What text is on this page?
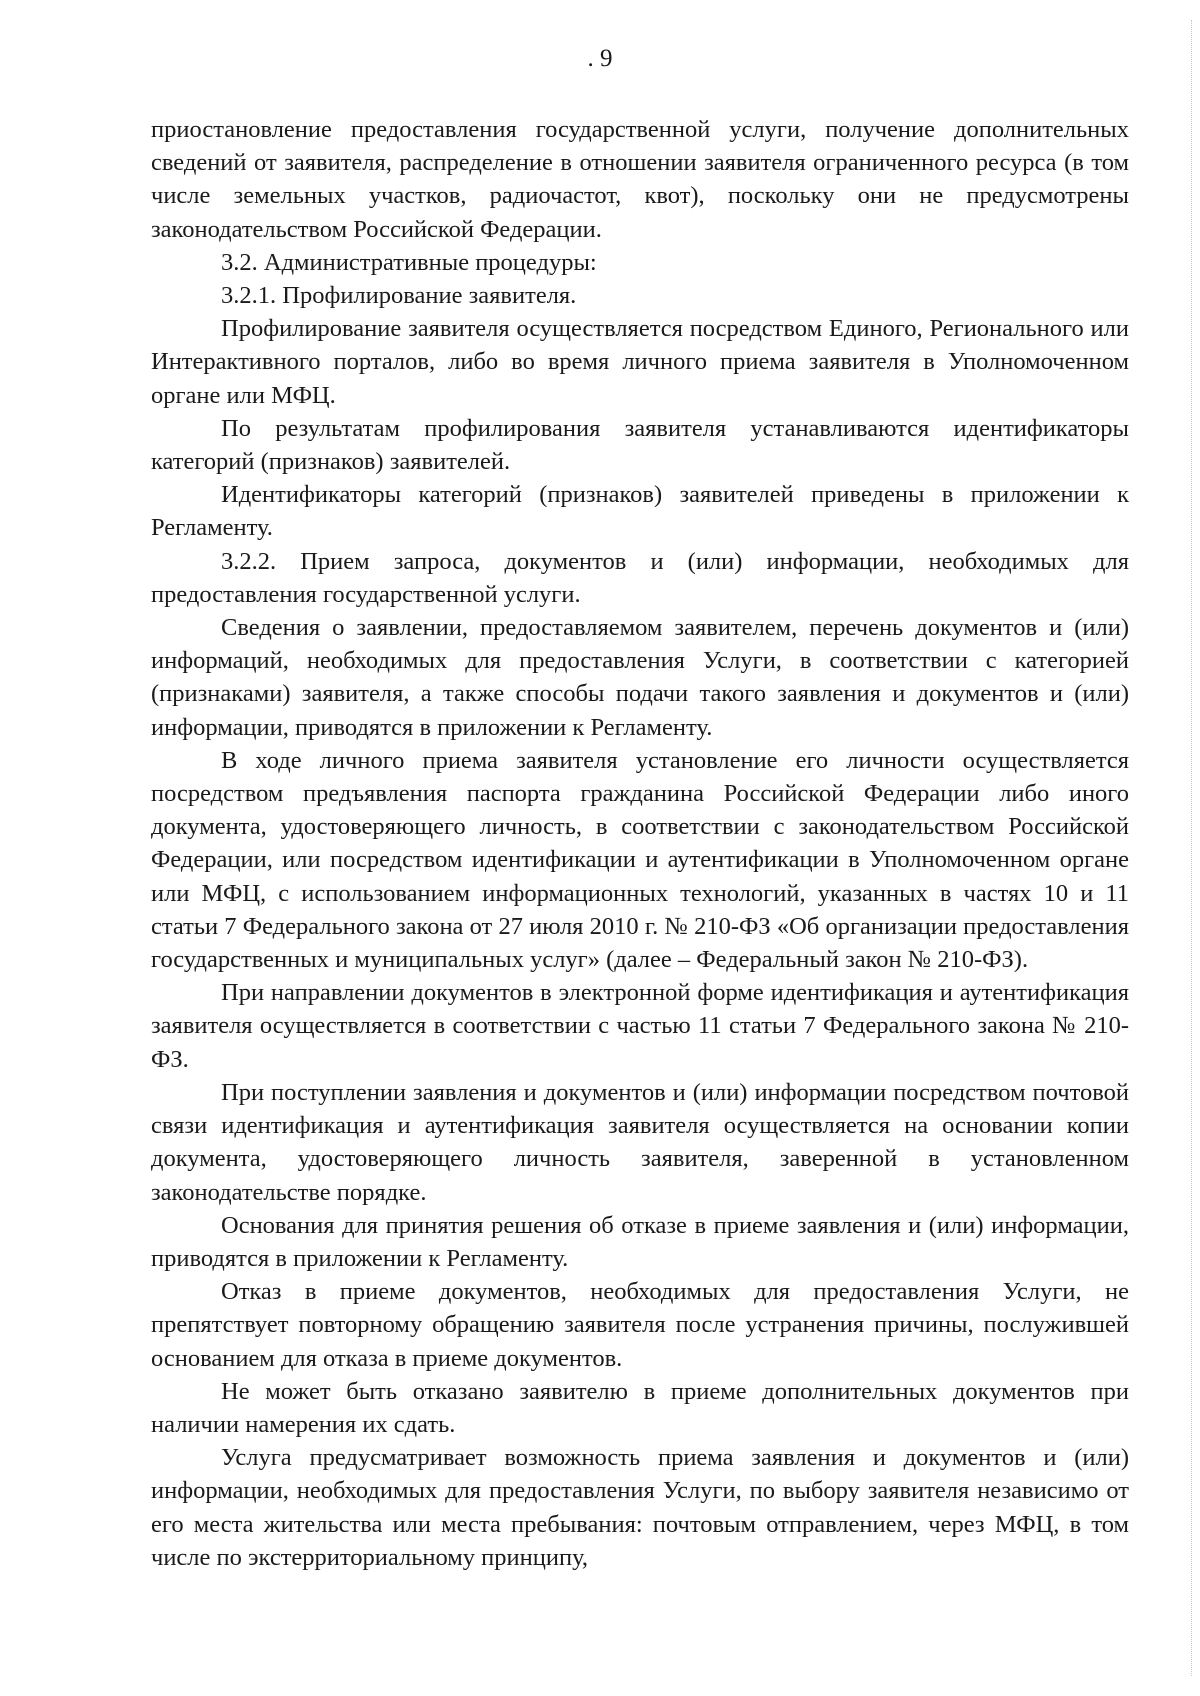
. 9

приостановление предоставления государственной услуги, получение дополнительных сведений от заявителя, распределение в отношении заявителя ограниченного ресурса (в том числе земельных участков, радиочастот, квот), поскольку они не предусмотрены законодательством Российской Федерации.

3.2. Административные процедуры:

3.2.1. Профилирование заявителя.

Профилирование заявителя осуществляется посредством Единого, Регионального или Интерактивного порталов, либо во время личного приема заявителя в Уполномоченном органе или МФЦ.

По результатам профилирования заявителя устанавливаются идентификаторы категорий (признаков) заявителей.

Идентификаторы категорий (признаков) заявителей приведены в приложении к Регламенту.

3.2.2. Прием запроса, документов и (или) информации, необходимых для предоставления государственной услуги.

Сведения о заявлении, предоставляемом заявителем, перечень документов и (или) информаций, необходимых для предоставления Услуги, в соответствии с категорией (признаками) заявителя, а также способы подачи такого заявления и документов и (или) информации, приводятся в приложении к Регламенту.

В ходе личного приема заявителя установление его личности осуществляется посредством предъявления паспорта гражданина Российской Федерации либо иного документа, удостоверяющего личность, в соответствии с законодательством Российской Федерации, или посредством идентификации и аутентификации в Уполномоченном органе или МФЦ, с использованием информационных технологий, указанных в частях 10 и 11 статьи 7 Федерального закона от 27 июля 2010 г. № 210-ФЗ «Об организации предоставления государственных и муниципальных услуг» (далее – Федеральный закон № 210-ФЗ).

При направлении документов в электронной форме идентификация и аутентификация заявителя осуществляется в соответствии с частью 11 статьи 7 Федерального закона № 210-ФЗ.

При поступлении заявления и документов и (или) информации посредством почтовой связи идентификация и аутентификация заявителя осуществляется на основании копии документа, удостоверяющего личность заявителя, заверенной в установленном законодательстве порядке.

Основания для принятия решения об отказе в приеме заявления и (или) информации, приводятся в приложении к Регламенту.

Отказ в приеме документов, необходимых для предоставления Услуги, не препятствует повторному обращению заявителя после устранения причины, послужившей основанием для отказа в приеме документов.

Не может быть отказано заявителю в приеме дополнительных документов при наличии намерения их сдать.

Услуга предусматривает возможность приема заявления и документов и (или) информации, необходимых для предоставления Услуги, по выбору заявителя независимо от его места жительства или места пребывания: почтовым отправлением, через МФЦ, в том числе по экстерриториальному принципу,
